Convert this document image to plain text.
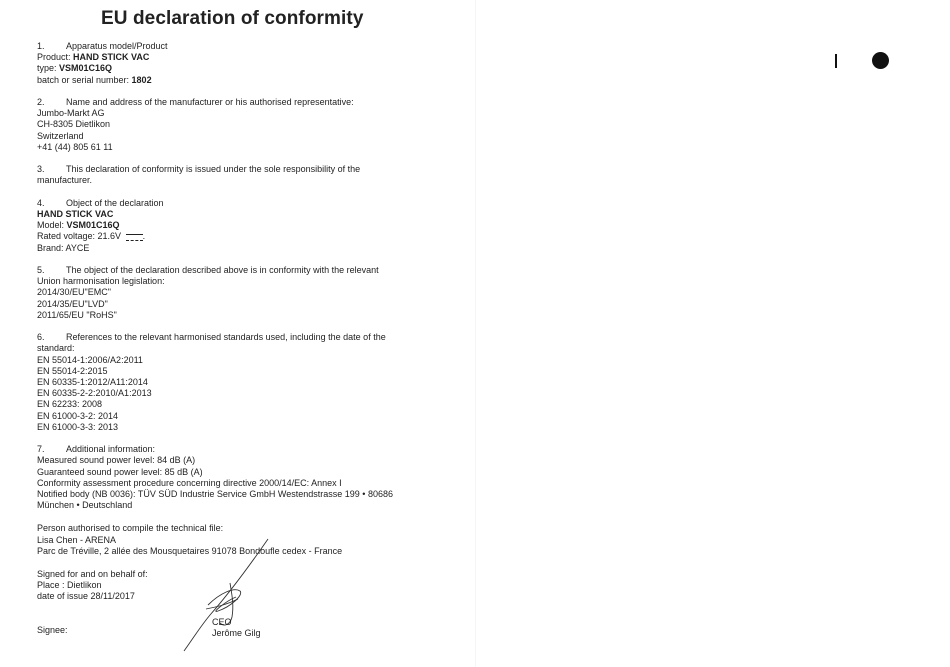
EU declaration of conformity
1. Apparatus model/Product
Product: HAND STICK VAC
type: VSM01C16Q
batch or serial number: 1802
2. Name and address of the manufacturer or his authorised representative:
Jumbo-Markt AG
CH-8305 Dietlikon
Switzerland
+41 (44) 805 61 11
3. This declaration of conformity is issued under the sole responsibility of the
manufacturer.
4. Object of the declaration
HAND STICK VAC
Model: VSM01C16Q
Rated voltage: 21.6V .
Brand: AYCE
5. The object of the declaration described above is in conformity with the relevant
Union harmonisation legislation:
2014/30/EU"EMC"
2014/35/EU"LVD"
2011/65/EU "RoHS"
6. References to the relevant harmonised standards used, including the date of the
standard:
EN 55014-1:2006/A2:2011
EN 55014-2:2015
EN 60335-1:2012/A11:2014
EN 60335-2-2:2010/A1:2013
EN 62233: 2008
EN 61000-3-2: 2014
EN 61000-3-3: 2013
7. Additional information:
Measured sound power level: 84 dB (A)
Guaranteed sound power level: 85 dB (A)
Conformity assessment procedure concerning directive 2000/14/EC: Annex I
Notified body (NB 0036): TÜV SÜD Industrie Service GmbH Westendstrasse 199 • 80686
München • Deutschland
Person authorised to compile the technical file:
Lisa Chen - ARENA
Parc de Tréville, 2 allée des Mousquetaires 91078 Bondoufle cedex - France
Signed for and on behalf of:
Place : Dietlikon
date of issue 28/11/2017
Signee:
CEO
Jerôme Gilg
